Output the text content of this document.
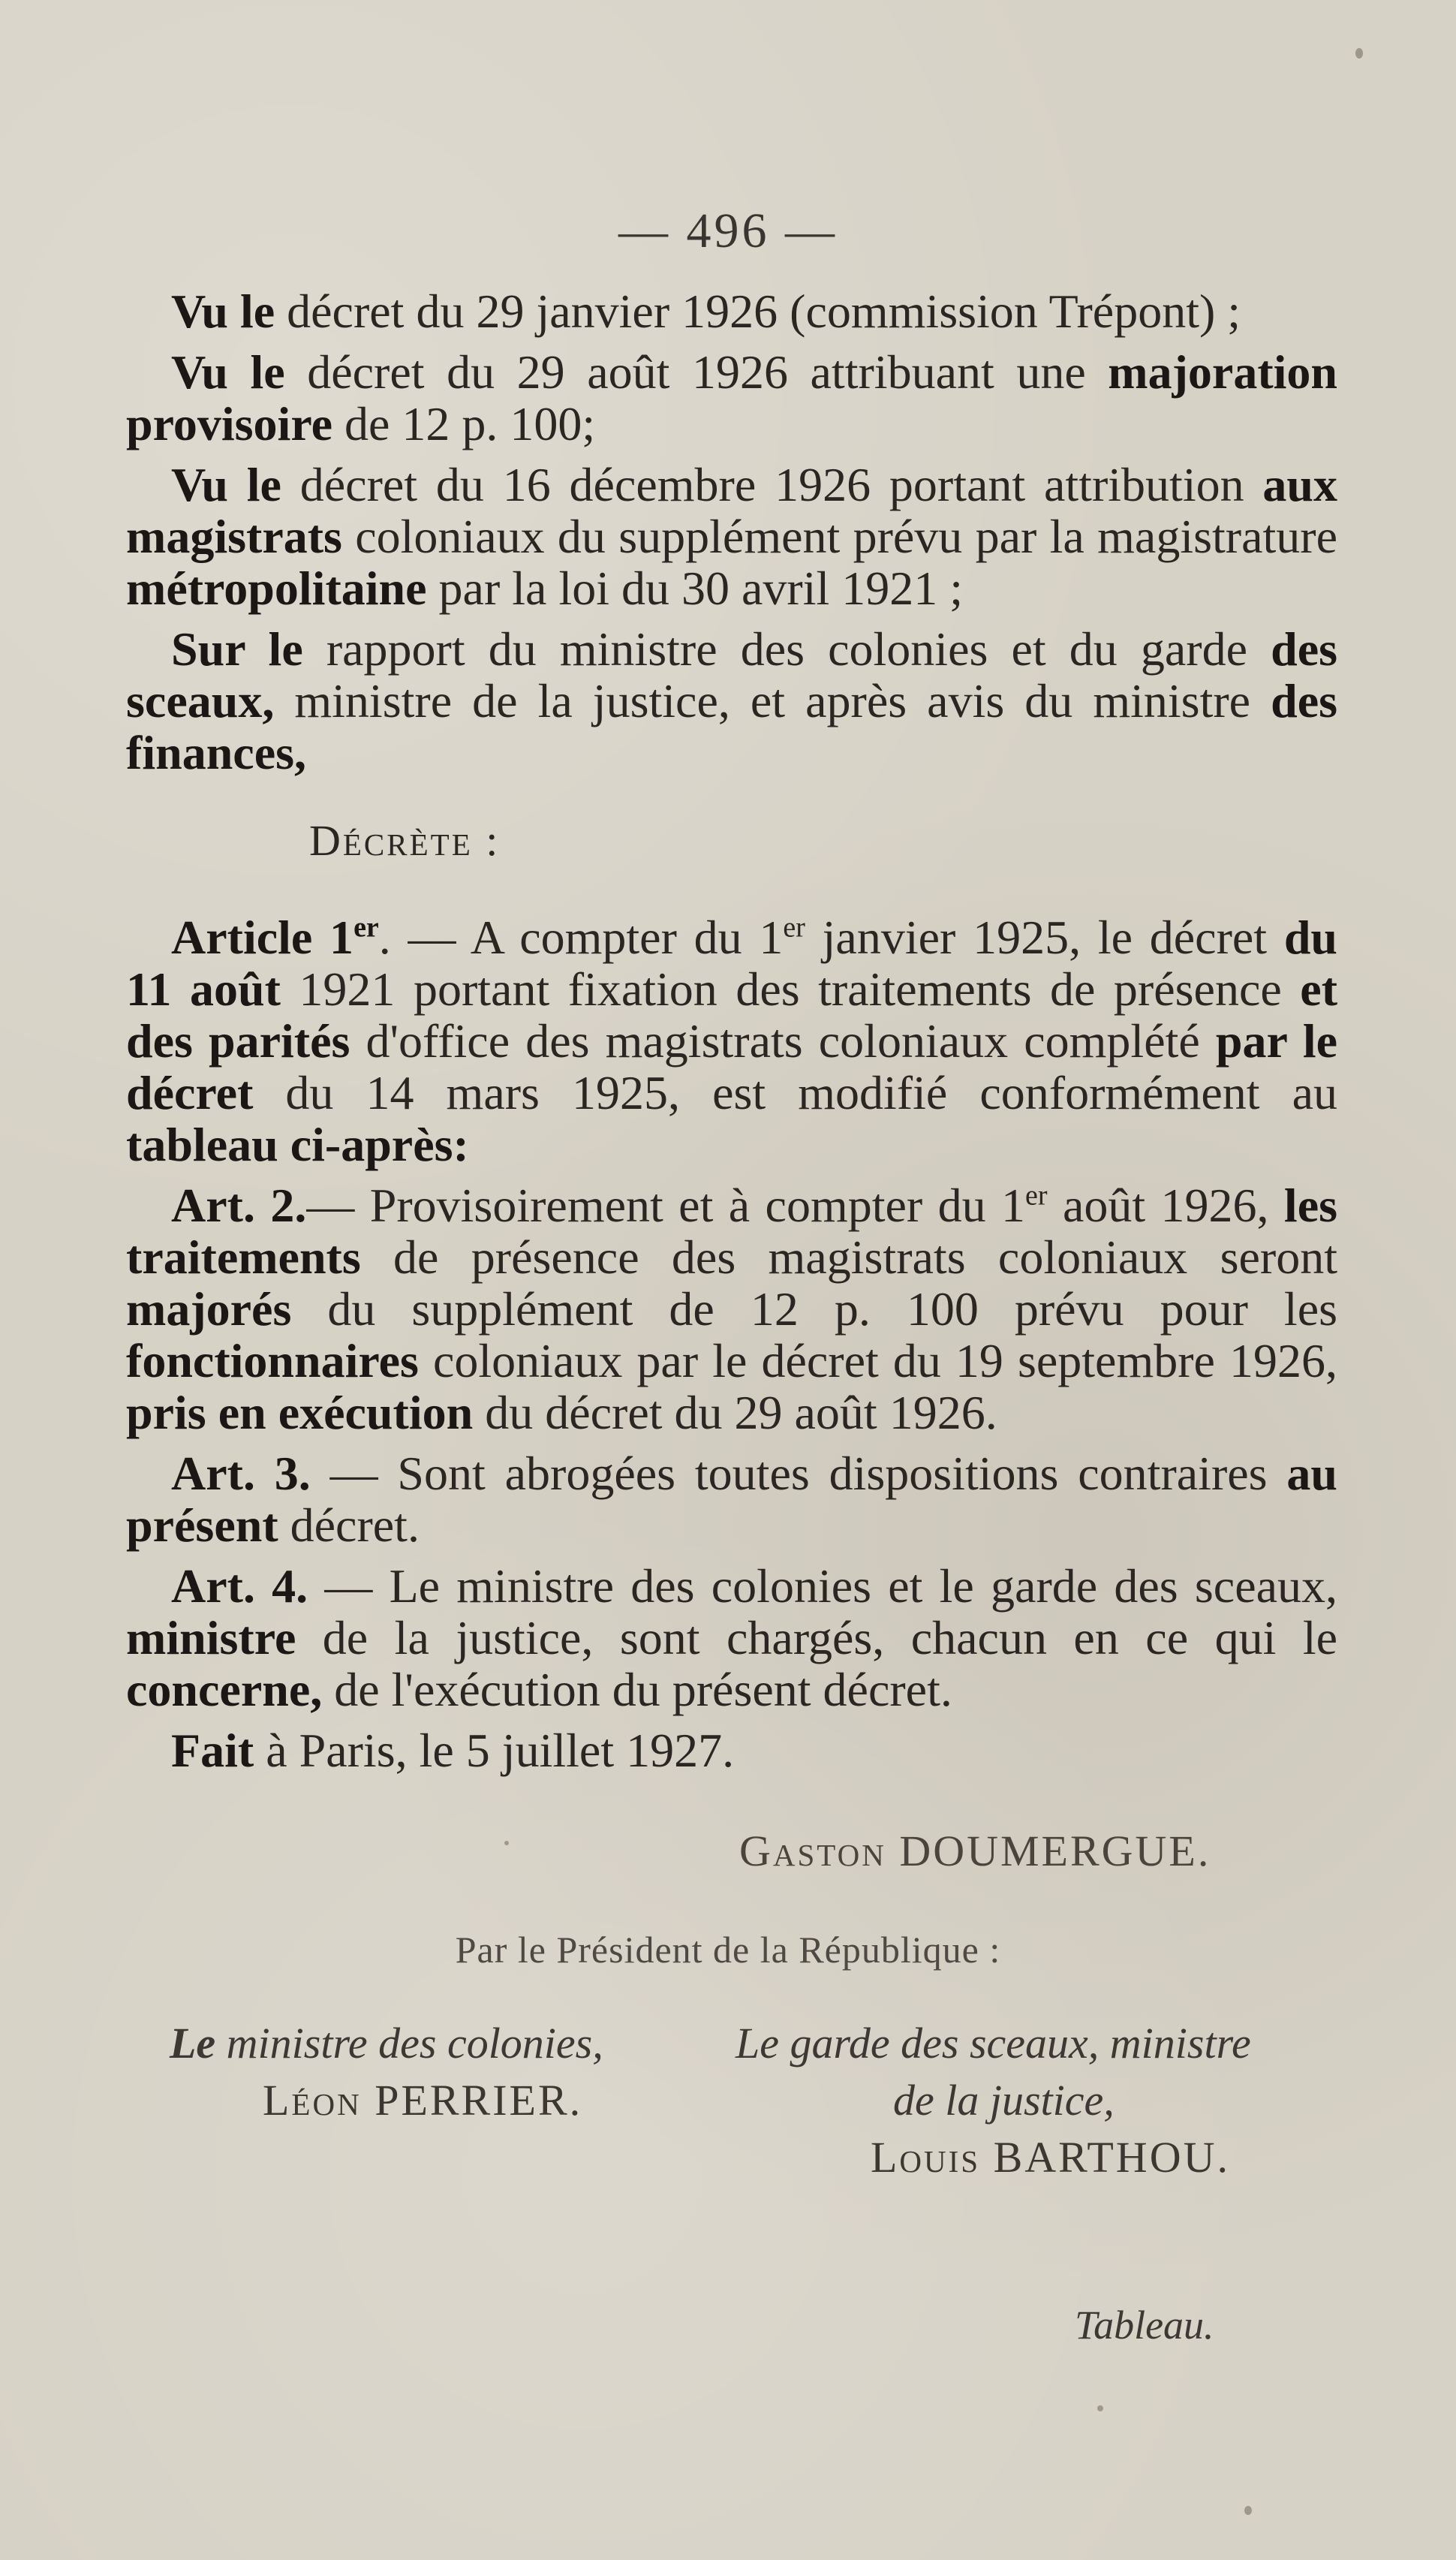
— 496 —

Vu le décret du 29 janvier 1926 (commission Trépont) ;

Vu le décret du 29 août 1926 attribuant une majoration provisoire de 12 p. 100;

Vu le décret du 16 décembre 1926 portant attribution aux magistrats coloniaux du supplément prévu par la magistrature métropolitaine par la loi du 30 avril 1921 ;

Sur le rapport du ministre des colonies et du garde des sceaux, ministre de la justice, et après avis du ministre des finances,

Décrète :

Article 1er. — A compter du 1er janvier 1925, le décret du 11 août 1921 portant fixation des traitements de présence et des parités d'office des magistrats coloniaux complété par le décret du 14 mars 1925, est modifié conformément au tableau ci-après:

Art. 2.— Provisoirement et à compter du 1er août 1926, les traitements de présence des magistrats coloniaux seront majorés du supplément de 12 p. 100 prévu pour les fonctionnaires coloniaux par le décret du 19 septembre 1926, pris en exécution du décret du 29 août 1926.

Art. 3. — Sont abrogées toutes dispositions contraires au présent décret.

Art. 4. — Le ministre des colonies et le garde des sceaux, ministre de la justice, sont chargés, chacun en ce qui le concerne, de l'exécution du présent décret.

Fait à Paris, le 5 juillet 1927.

Gaston DOUMERGUE.
Par le Président de la République :
Le ministre des colonies,
Léon PERRIER.
Le garde des sceaux, ministre
de la justice,
Louis BARTHOU.
Tableau.
